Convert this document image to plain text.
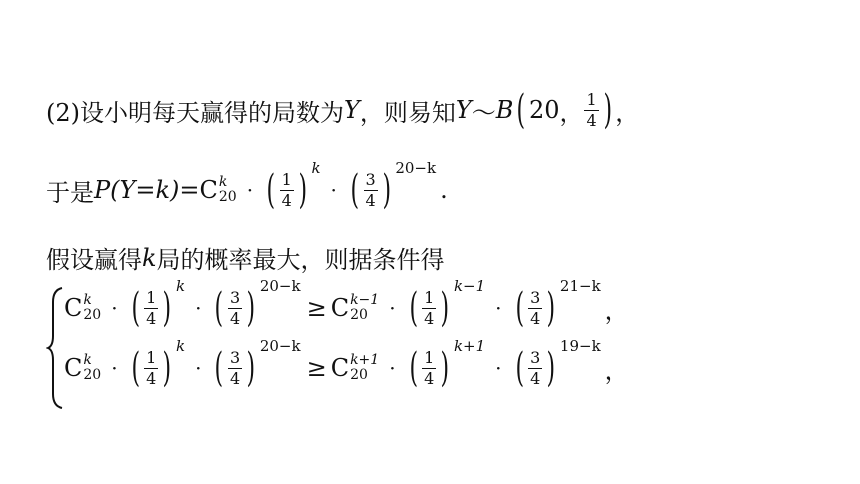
(2)设小明每天赢得的局数为 Y ，则易知 Y ～ B ( 20 ， $\frac{1}{4}$ ) ，
于是 P(Y=k)= C k
20 · ( $\frac{1}{4}$ ) k
· ( $\frac{3}{4}$ ) 20−k
.
假设赢得 k 局的概率最大，则据条件得
C k
20 · ( $\frac{1}{4}$ ) k
· ( $\frac{3}{4}$ ) 20−k
≥ C k−1
20	· ( $\frac{1}{4}$ ) k−1
· ( $\frac{3}{4}$ ) 21−k
，
C k
20 · ( $\frac{1}{4}$ ) k
· ( $\frac{3}{4}$ ) 20−k
≥ C k+1
20	· ( $\frac{1}{4}$ ) k+1
· ( $\frac{3}{4}$ ) 19−k
，
